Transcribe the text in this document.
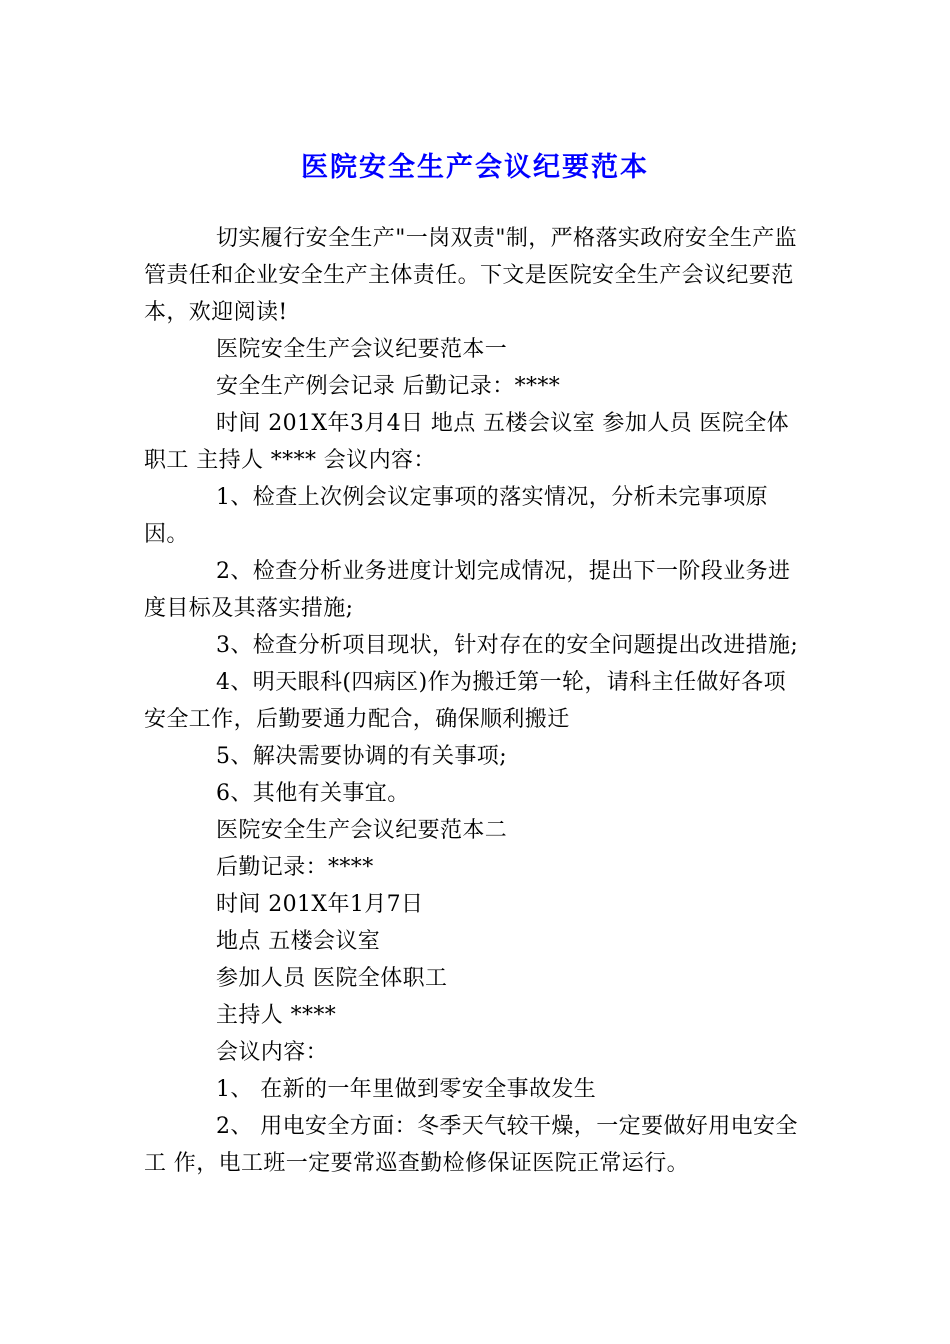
医院安全生产会议纪要范本

切实履行安全生产"一岗双责"制，严格落实政府安全生产监管责任和企业安全生产主体责任。下文是医院安全生产会议纪要范本，欢迎阅读!

医院安全生产会议纪要范本一

安全生产例会记录 后勤记录：****

时间 201X年3月4日 地点 五楼会议室 参加人员 医院全体职工 主持人 **** 会议内容：

1、检查上次例会议定事项的落实情况，分析未完事项原因。

2、检查分析业务进度计划完成情况，提出下一阶段业务进度目标及其落实措施;

3、检查分析项目现状，针对存在的安全问题提出改进措施;

4、明天眼科(四病区)作为搬迁第一轮，请科主任做好各项安全工作，后勤要通力配合，确保顺利搬迁

5、解决需要协调的有关事项;

6、其他有关事宜。

医院安全生产会议纪要范本二

后勤记录：****

时间 201X年1月7日

地点 五楼会议室

参加人员 医院全体职工

主持人 ****

会议内容：

1、 在新的一年里做到零安全事故发生

2、 用电安全方面：冬季天气较干燥，一定要做好用电安全工 作，电工班一定要常巡查勤检修保证医院正常运行。
